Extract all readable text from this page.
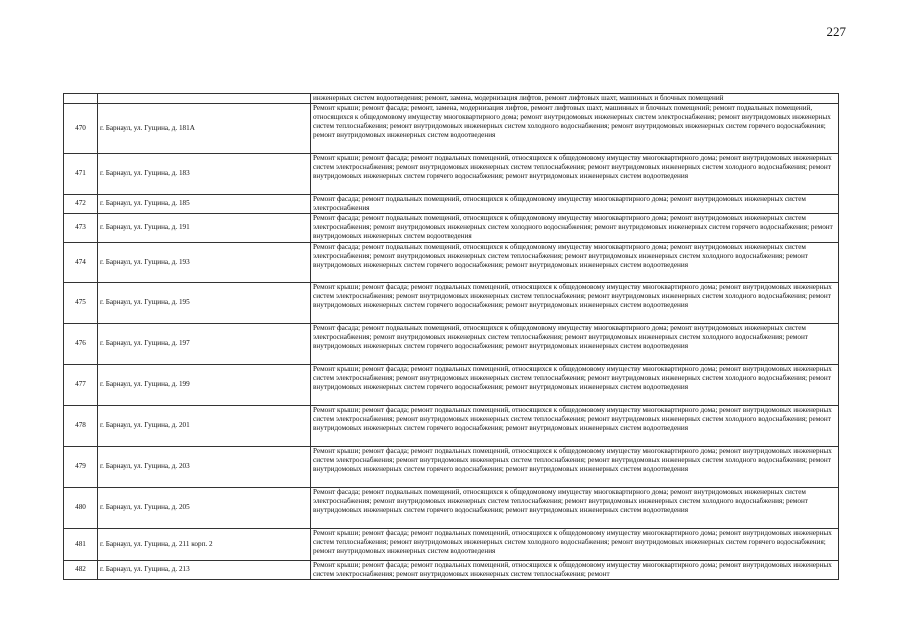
227
		инженерных систем водоотведения; ремонт, замена, модернизация лифтов, ремонт лифтовых шахт, машинных и блочных помещений
470	г. Барнаул, ул. Гущина, д. 181А	Ремонт крыши; ремонт фасада; ремонт, замена, модернизация лифтов, ремонт лифтовых шахт, машинных и блочных помещений; ремонт подвальных помещений, относящихся к общедомовому имуществу многоквартирного дома; ремонт внутридомовых инженерных систем электроснабжения; ремонт внутридомовых инженерных систем теплоснабжения; ремонт внутридомовых инженерных систем холодного водоснабжения; ремонт внутридомовых инженерных систем горячего водоснабжения; ремонт внутридомовых инженерных систем водоотведения
471	г. Барнаул, ул. Гущина, д. 183	Ремонт крыши; ремонт фасада; ремонт подвальных помещений, относящихся к общедомовому имуществу многоквартирного дома; ремонт внутридомовых инженерных систем электроснабжения; ремонт внутридомовых инженерных систем теплоснабжения; ремонт внутридомовых инженерных систем холодного водоснабжения; ремонт внутридомовых инженерных систем горячего водоснабжения; ремонт внутридомовых инженерных систем водоотведения
472	г. Барнаул, ул. Гущина, д. 185	Ремонт фасада; ремонт подвальных помещений, относящихся к общедомовому имуществу многоквартирного дома; ремонт внутридомовых инженерных систем электроснабжения
473	г. Барнаул, ул. Гущина, д. 191	Ремонт фасада; ремонт подвальных помещений, относящихся к общедомовому имуществу многоквартирного дома; ремонт внутридомовых инженерных систем электроснабжения; ремонт внутридомовых инженерных систем холодного водоснабжения; ремонт внутридомовых инженерных систем горячего водоснабжения; ремонт внутридомовых инженерных систем водоотведения
474	г. Барнаул, ул. Гущина, д. 193	Ремонт фасада; ремонт подвальных помещений, относящихся к общедомовому имуществу многоквартирного дома; ремонт внутридомовых инженерных систем электроснабжения; ремонт внутридомовых инженерных систем теплоснабжения; ремонт внутридомовых инженерных систем холодного водоснабжения; ремонт внутридомовых инженерных систем горячего водоснабжения; ремонт внутридомовых инженерных систем водоотведения
475	г. Барнаул, ул. Гущина, д. 195	Ремонт крыши; ремонт фасада; ремонт подвальных помещений, относящихся к общедомовому имуществу многоквартирного дома; ремонт внутридомовых инженерных систем электроснабжения; ремонт внутридомовых инженерных систем теплоснабжения; ремонт внутридомовых инженерных систем холодного водоснабжения; ремонт внутридомовых инженерных систем горячего водоснабжения; ремонт внутридомовых инженерных систем водоотведения
476	г. Барнаул, ул. Гущина, д. 197	Ремонт фасада; ремонт подвальных помещений, относящихся к общедомовому имуществу многоквартирного дома; ремонт внутридомовых инженерных систем электроснабжения; ремонт внутридомовых инженерных систем теплоснабжения; ремонт внутридомовых инженерных систем холодного водоснабжения; ремонт внутридомовых инженерных систем горячего водоснабжения; ремонт внутридомовых инженерных систем водоотведения
477	г. Барнаул, ул. Гущина, д. 199	Ремонт крыши; ремонт фасада; ремонт подвальных помещений, относящихся к общедомовому имуществу многоквартирного дома; ремонт внутридомовых инженерных систем электроснабжения; ремонт внутридомовых инженерных систем теплоснабжения; ремонт внутридомовых инженерных систем холодного водоснабжения; ремонт внутридомовых инженерных систем горячего водоснабжения; ремонт внутридомовых инженерных систем водоотведения
478	г. Барнаул, ул. Гущина, д. 201	Ремонт крыши; ремонт фасада; ремонт подвальных помещений, относящихся к общедомовому имуществу многоквартирного дома; ремонт внутридомовых инженерных систем электроснабжения; ремонт внутридомовых инженерных систем теплоснабжения; ремонт внутридомовых инженерных систем холодного водоснабжения; ремонт внутридомовых инженерных систем горячего водоснабжения; ремонт внутридомовых инженерных систем водоотведения
479	г. Барнаул, ул. Гущина, д. 203	Ремонт крыши; ремонт фасада; ремонт подвальных помещений, относящихся к общедомовому имуществу многоквартирного дома; ремонт внутридомовых инженерных систем электроснабжения; ремонт внутридомовых инженерных систем теплоснабжения; ремонт внутридомовых инженерных систем холодного водоснабжения; ремонт внутридомовых инженерных систем горячего водоснабжения; ремонт внутридомовых инженерных систем водоотведения
480	г. Барнаул, ул. Гущина, д. 205	Ремонт фасада; ремонт подвальных помещений, относящихся к общедомовому имуществу многоквартирного дома; ремонт внутридомовых инженерных систем электроснабжения; ремонт внутридомовых инженерных систем теплоснабжения; ремонт внутридомовых инженерных систем холодного водоснабжения; ремонт внутридомовых инженерных систем горячего водоснабжения; ремонт внутридомовых инженерных систем водоотведения
481	г. Барнаул, ул. Гущина, д. 211 корп. 2	Ремонт крыши; ремонт фасада; ремонт подвальных помещений, относящихся к общедомовому имуществу многоквартирного дома; ремонт внутридомовых инженерных систем теплоснабжения; ремонт внутридомовых инженерных систем холодного водоснабжения; ремонт внутридомовых инженерных систем горячего водоснабжения; ремонт внутридомовых инженерных систем водоотведения
482	г. Барнаул, ул. Гущина, д. 213	Ремонт крыши; ремонт фасада; ремонт подвальных помещений, относящихся к общедомовому имуществу многоквартирного дома; ремонт внутридомовых инженерных систем электроснабжения; ремонт внутридомовых инженерных систем теплоснабжения; ремонт
